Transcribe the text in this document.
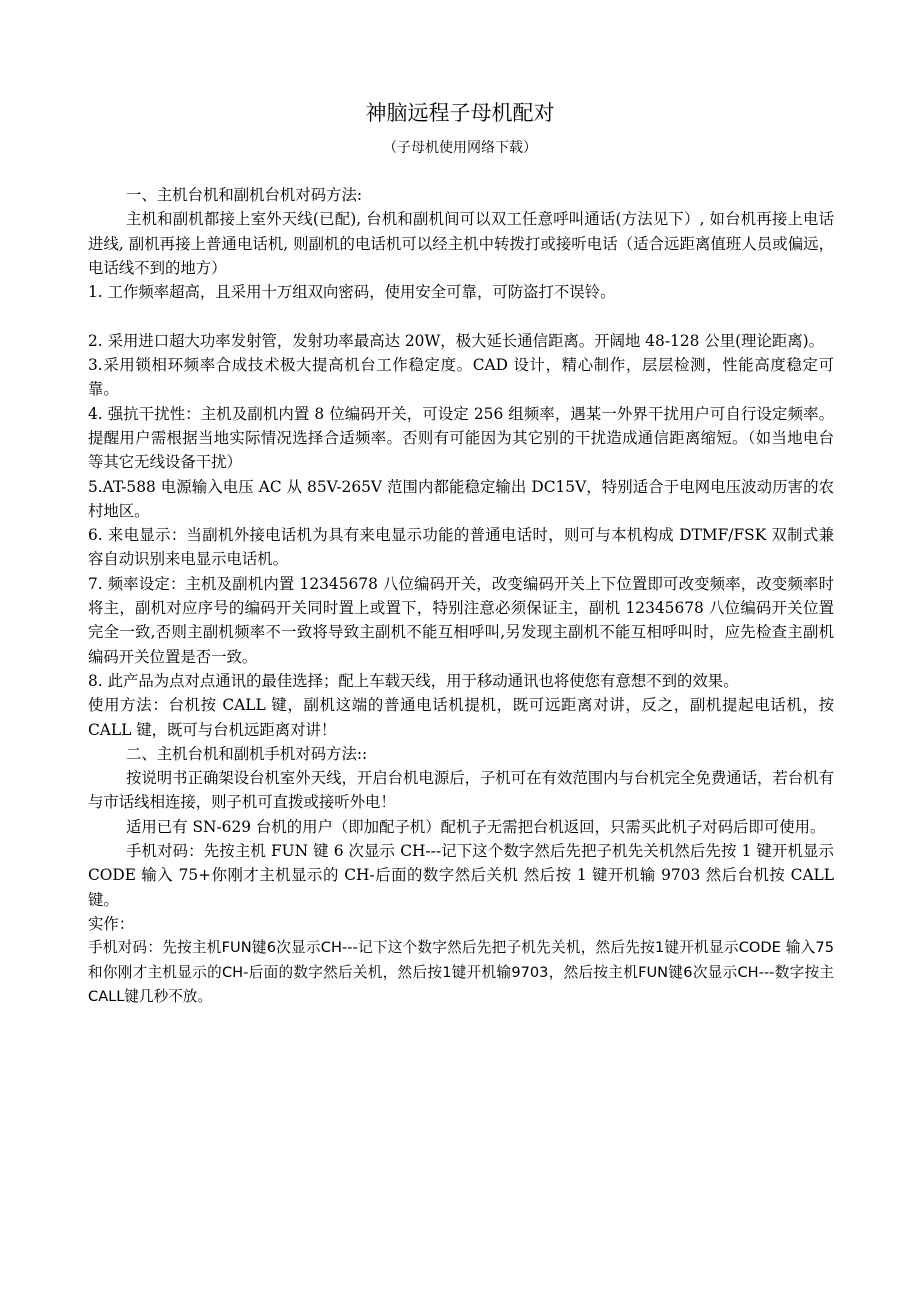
神脑远程子母机配对
（子母机使用网络下载）

一、主机台机和副机台机对码方法:

主机和副机都接上室外天线(已配), 台机和副机间可以双工任意呼叫通话(方法见下）, 如台机再接上电话进线, 副机再接上普通电话机, 则副机的电话机可以经主机中转拨打或接听电话（适合远距离值班人员或偏远，电话线不到的地方）

1. 工作频率超高，且采用十万组双向密码，使用安全可靠，可防盗打不误铃。

2. 采用进口超大功率发射管，发射功率最高达 20W，极大延长通信距离。开阔地 48-128 公里(理论距离)。

3.采用锁相环频率合成技术极大提高机台工作稳定度。CAD 设计，精心制作，层层检测，性能高度稳定可靠。

4. 强抗干扰性：主机及副机内置 8 位编码开关，可设定 256 组频率，遇某一外界干扰用户可自行设定频率。提醒用户需根据当地实际情况选择合适频率。否则有可能因为其它别的干扰造成通信距离缩短。（如当地电台等其它无线设备干扰）

5.AT-588 电源输入电压 AC 从 85V-265V 范围内都能稳定输出 DC15V，特别适合于电网电压波动历害的农村地区。

6. 来电显示：当副机外接电话机为具有来电显示功能的普通电话时，则可与本机构成 DTMF/FSK 双制式兼容自动识别来电显示电话机。

7. 频率设定：主机及副机内置 12345678 八位编码开关，改变编码开关上下位置即可改变频率，改变频率时将主，副机对应序号的编码开关同时置上或置下，特别注意必须保证主，副机 12345678 八位编码开关位置完全一致,否则主副机频率不一致将导致主副机不能互相呼叫,另发现主副机不能互相呼叫时，应先检查主副机编码开关位置是否一致。

8. 此产品为点对点通讯的最佳选择；配上车载天线，用于移动通讯也将使您有意想不到的效果。

使用方法：台机按 CALL 键，副机这端的普通电话机提机，既可远距离对讲，反之，副机提起电话机，按 CALL 键，既可与台机远距离对讲！

二、主机台机和副机手机对码方法::

按说明书正确架设台机室外天线，开启台机电源后，子机可在有效范围内与台机完全免费通话，若台机有与市话线相连接，则子机可直拨或接听外电！

适用已有 SN-629 台机的用户（即加配子机）配机子无需把台机返回，只需买此机子对码后即可使用。

手机对码：先按主机 FUN 键 6 次显示 CH---记下这个数字然后先把子机先关机然后先按 1 键开机显示 CODE 输入 75+你刚才主机显示的 CH-后面的数字然后关机 然后按 1 键开机输 9703 然后台机按 CALL 键。

实作：

手机对码：先按主机FUN键6次显示CH---记下这个数字然后先把子机先关机，然后先按1键开机显示CODE 输入75和你刚才主机显示的CH-后面的数字然后关机，然后按1键开机输9703，然后按主机FUN键6次显示CH---数字按主CALL键几秒不放。
